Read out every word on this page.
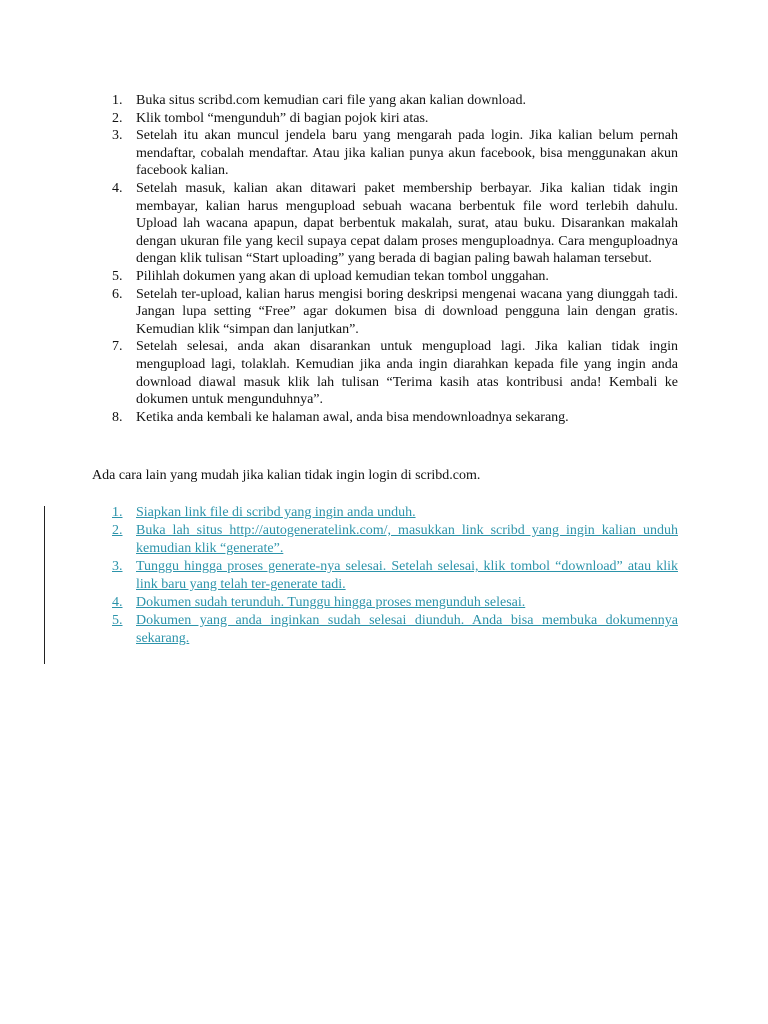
1. Buka situs scribd.com kemudian cari file yang akan kalian download.
2. Klik tombol “mengunduh” di bagian pojok kiri atas.
3. Setelah itu akan muncul jendela baru yang mengarah pada login. Jika kalian belum pernah mendaftar, cobalah mendaftar. Atau jika kalian punya akun facebook, bisa menggunakan akun facebook kalian.
4. Setelah masuk, kalian akan ditawari paket membership berbayar. Jika kalian tidak ingin membayar, kalian harus mengupload sebuah wacana berbentuk file word terlebih dahulu. Upload lah wacana apapun, dapat berbentuk makalah, surat, atau buku. Disarankan makalah dengan ukuran file yang kecil supaya cepat dalam proses menguploadnya. Cara menguploadnya dengan klik tulisan “Start uploading” yang berada di bagian paling bawah halaman tersebut.
5. Pilihlah dokumen yang akan di upload kemudian tekan tombol unggahan.
6. Setelah ter-upload, kalian harus mengisi boring deskripsi mengenai wacana yang diunggah tadi. Jangan lupa setting “Free” agar dokumen bisa di download pengguna lain dengan gratis. Kemudian klik “simpan dan lanjutkan”.
7. Setelah selesai, anda akan disarankan untuk mengupload lagi. Jika kalian tidak ingin mengupload lagi, tolaklah. Kemudian jika anda ingin diarahkan kepada file yang ingin anda download diawal masuk klik lah tulisan “Terima kasih atas kontribusi anda! Kembali ke dokumen untuk mengunduhnya”.
8. Ketika anda kembali ke halaman awal, anda bisa mendownloadnya sekarang.

Ada cara lain yang mudah jika kalian tidak ingin login di scribd.com.

1. Siapkan link file di scribd yang ingin anda unduh.
2. Buka lah situs http://autogeneratelink.com/, masukkan link scribd yang ingin kalian unduh kemudian klik “generate”.
3. Tunggu hingga proses generate-nya selesai. Setelah selesai, klik tombol “download” atau klik link baru yang telah ter-generate tadi.
4. Dokumen sudah terunduh. Tunggu hingga proses mengunduh selesai.
5. Dokumen yang anda inginkan sudah selesai diunduh. Anda bisa membuka dokumennya sekarang.
